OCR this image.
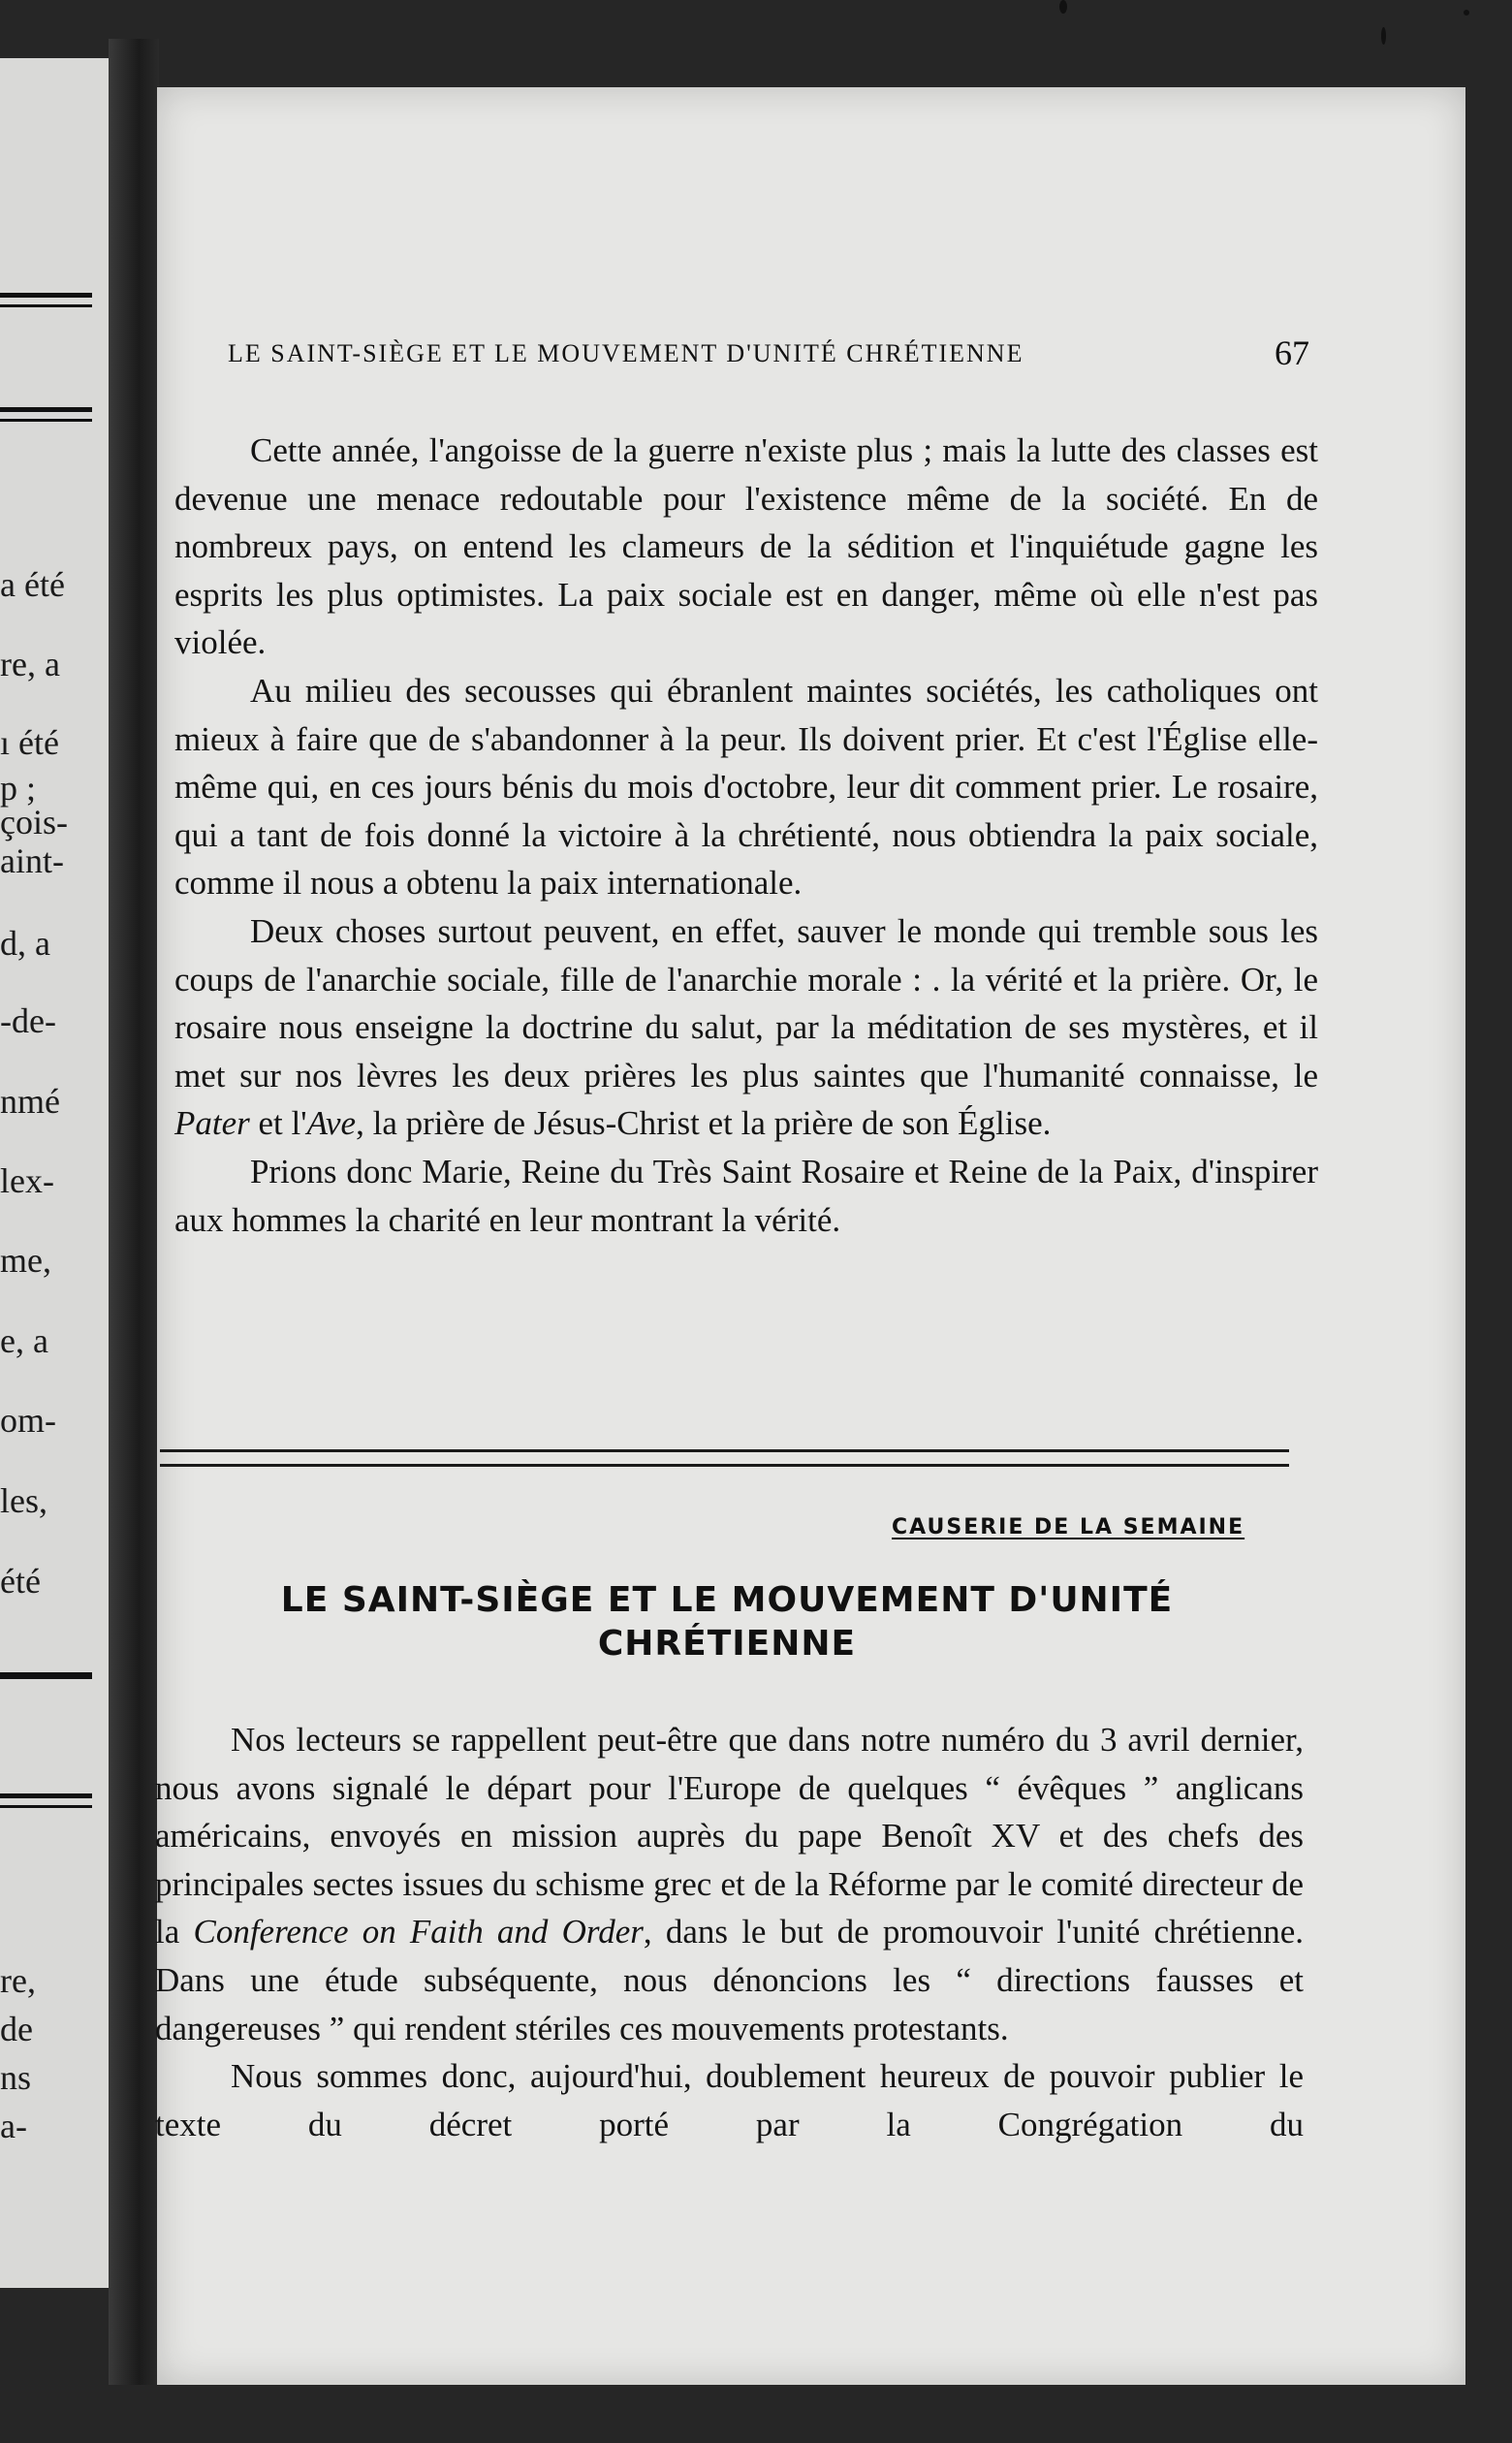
a été
re, a
ı été
p ;
çois-
aint-
d, a
-de-
nmé
lex-
me,
e, a
om-
les,
été
re,
de
ns
a-
LE SAINT-SIÈGE ET LE MOUVEMENT D'UNITÉ CHRÉTIENNE	67

Cette année, l'angoisse de la guerre n'existe plus ; mais la lutte des classes est devenue une menace redoutable pour l'existence même de la société. En de nombreux pays, on entend les clameurs de la sédition et l'inquiétude gagne les esprits les plus optimistes. La paix sociale est en danger, même où elle n'est pas violée.

Au milieu des secousses qui ébranlent maintes sociétés, les catholiques ont mieux à faire que de s'abandonner à la peur. Ils doivent prier. Et c'est l'Église elle-même qui, en ces jours bénis du mois d'octobre, leur dit comment prier. Le rosaire, qui a tant de fois donné la victoire à la chrétienté, nous obtiendra la paix sociale, comme il nous a obtenu la paix internationale.

Deux choses surtout peuvent, en effet, sauver le monde qui tremble sous les coups de l'anarchie sociale, fille de l'anarchie morale : . la vérité et la prière. Or, le rosaire nous enseigne la doctrine du salut, par la méditation de ses mystères, et il met sur nos lèvres les deux prières les plus saintes que l'humanité connaisse, le Pater et l'Ave, la prière de Jésus-Christ et la prière de son Église.

Prions donc Marie, Reine du Très Saint Rosaire et Reine de la Paix, d'inspirer aux hommes la charité en leur montrant la vérité.

CAUSERIE DE LA SEMAINE
LE SAINT-SIÈGE ET LE MOUVEMENT D'UNITÉ
CHRÉTIENNE

Nos lecteurs se rappellent peut-être que dans notre numéro du 3 avril dernier, nous avons signalé le départ pour l'Europe de quelques “ évêques ” anglicans américains, envoyés en mission auprès du pape Benoît XV et des chefs des principales sectes issues du schisme grec et de la Réforme par le comité directeur de la Conference on Faith and Order, dans le but de promouvoir l'unité chrétienne. Dans une étude subséquente, nous dénoncions les “ directions fausses et dangereuses ” qui rendent stériles ces mouvements protestants.

Nous sommes donc, aujourd'hui, doublement heureux de pouvoir publier le texte du décret porté par la Congrégation du
